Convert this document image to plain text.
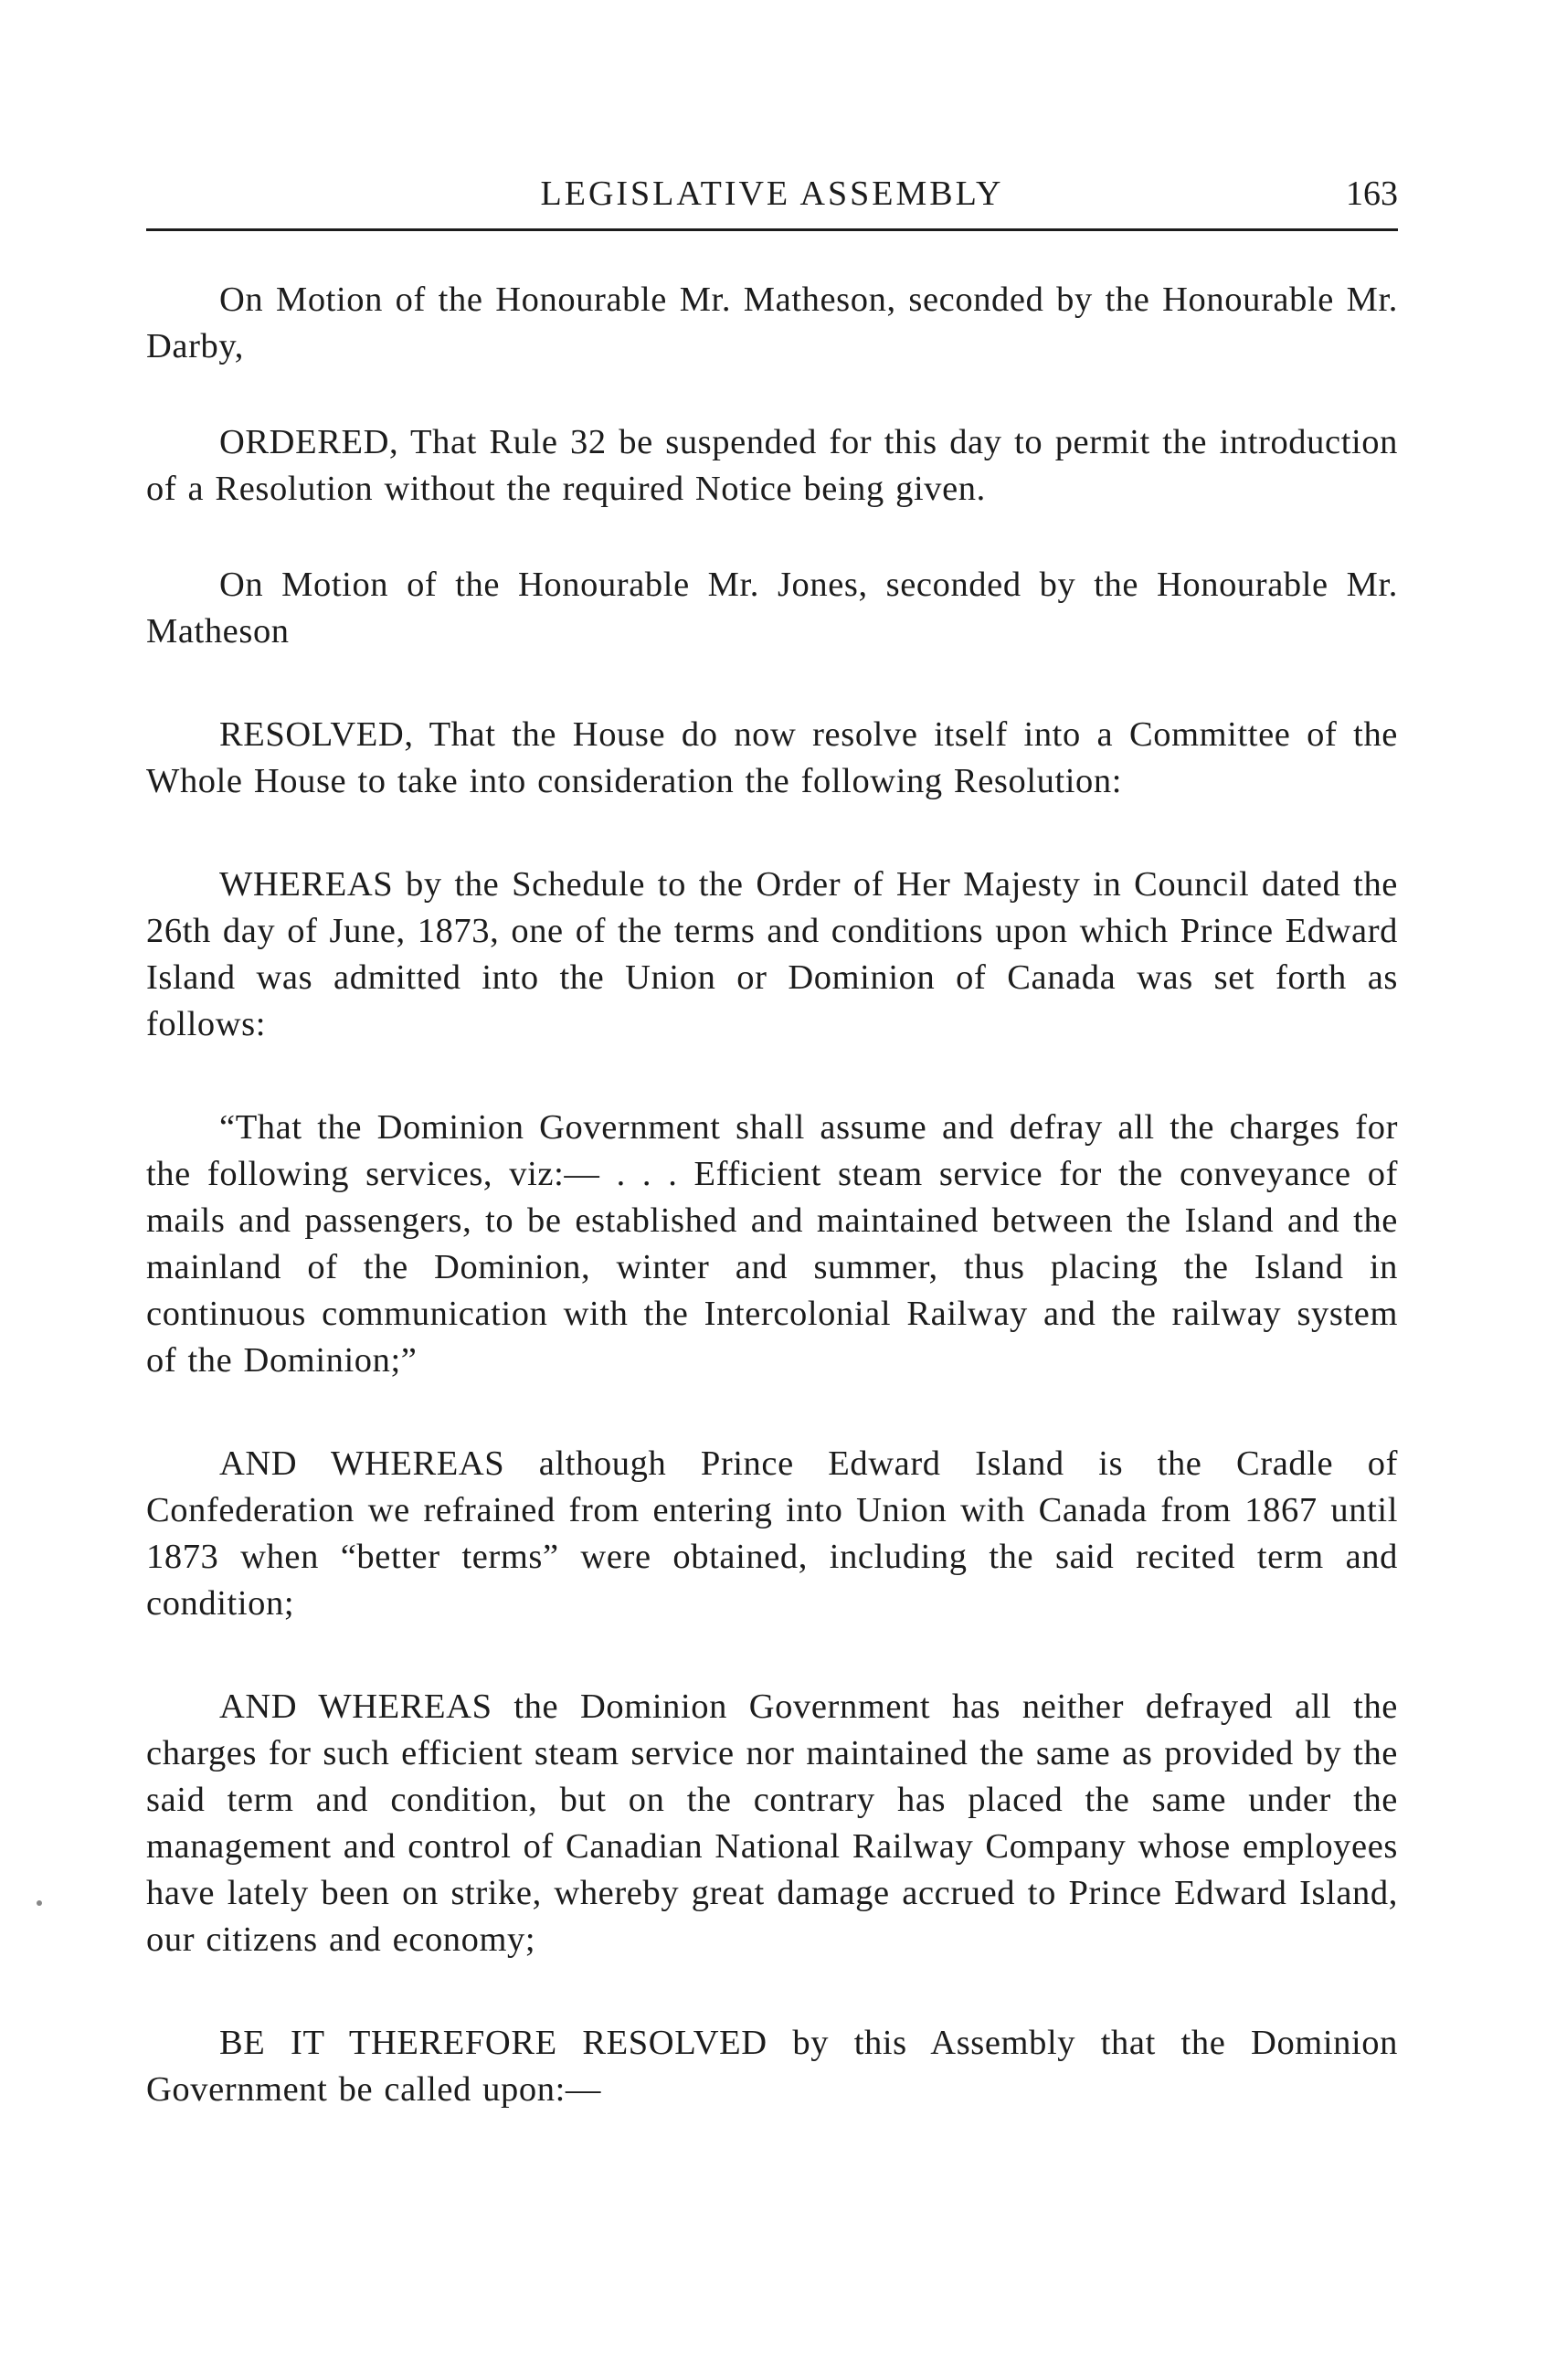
LEGISLATIVE ASSEMBLY	163

On Motion of the Honourable Mr. Matheson, seconded by the Honourable Mr. Darby,

ORDERED, That Rule 32 be suspended for this day to permit the introduction of a Resolution without the required Notice being given.

On Motion of the Honourable Mr. Jones, seconded by the Honourable Mr. Matheson

RESOLVED, That the House do now resolve itself into a Committee of the Whole House to take into consideration the following Resolution:

WHEREAS by the Schedule to the Order of Her Majesty in Council dated the 26th day of June, 1873, one of the terms and conditions upon which Prince Edward Island was admitted into the Union or Dominion of Canada was set forth as follows:

“That the Dominion Government shall assume and defray all the charges for the following services, viz:— . . . Efficient steam service for the conveyance of mails and passengers, to be established and maintained between the Island and the mainland of the Dominion, winter and summer, thus placing the Island in continuous communication with the Intercolonial Railway and the railway system of the Dominion;”

AND WHEREAS although Prince Edward Island is the Cradle of Confederation we refrained from entering into Union with Canada from 1867 until 1873 when “better terms” were obtained, including the said recited term and condition;

AND WHEREAS the Dominion Government has neither defrayed all the charges for such efficient steam service nor maintained the same as provided by the said term and condition, but on the contrary has placed the same under the management and control of Canadian National Railway Company whose employees have lately been on strike, whereby great damage accrued to Prince Edward Island, our citizens and economy;

BE IT THEREFORE RESOLVED by this Assembly that the Dominion Government be called upon:—
